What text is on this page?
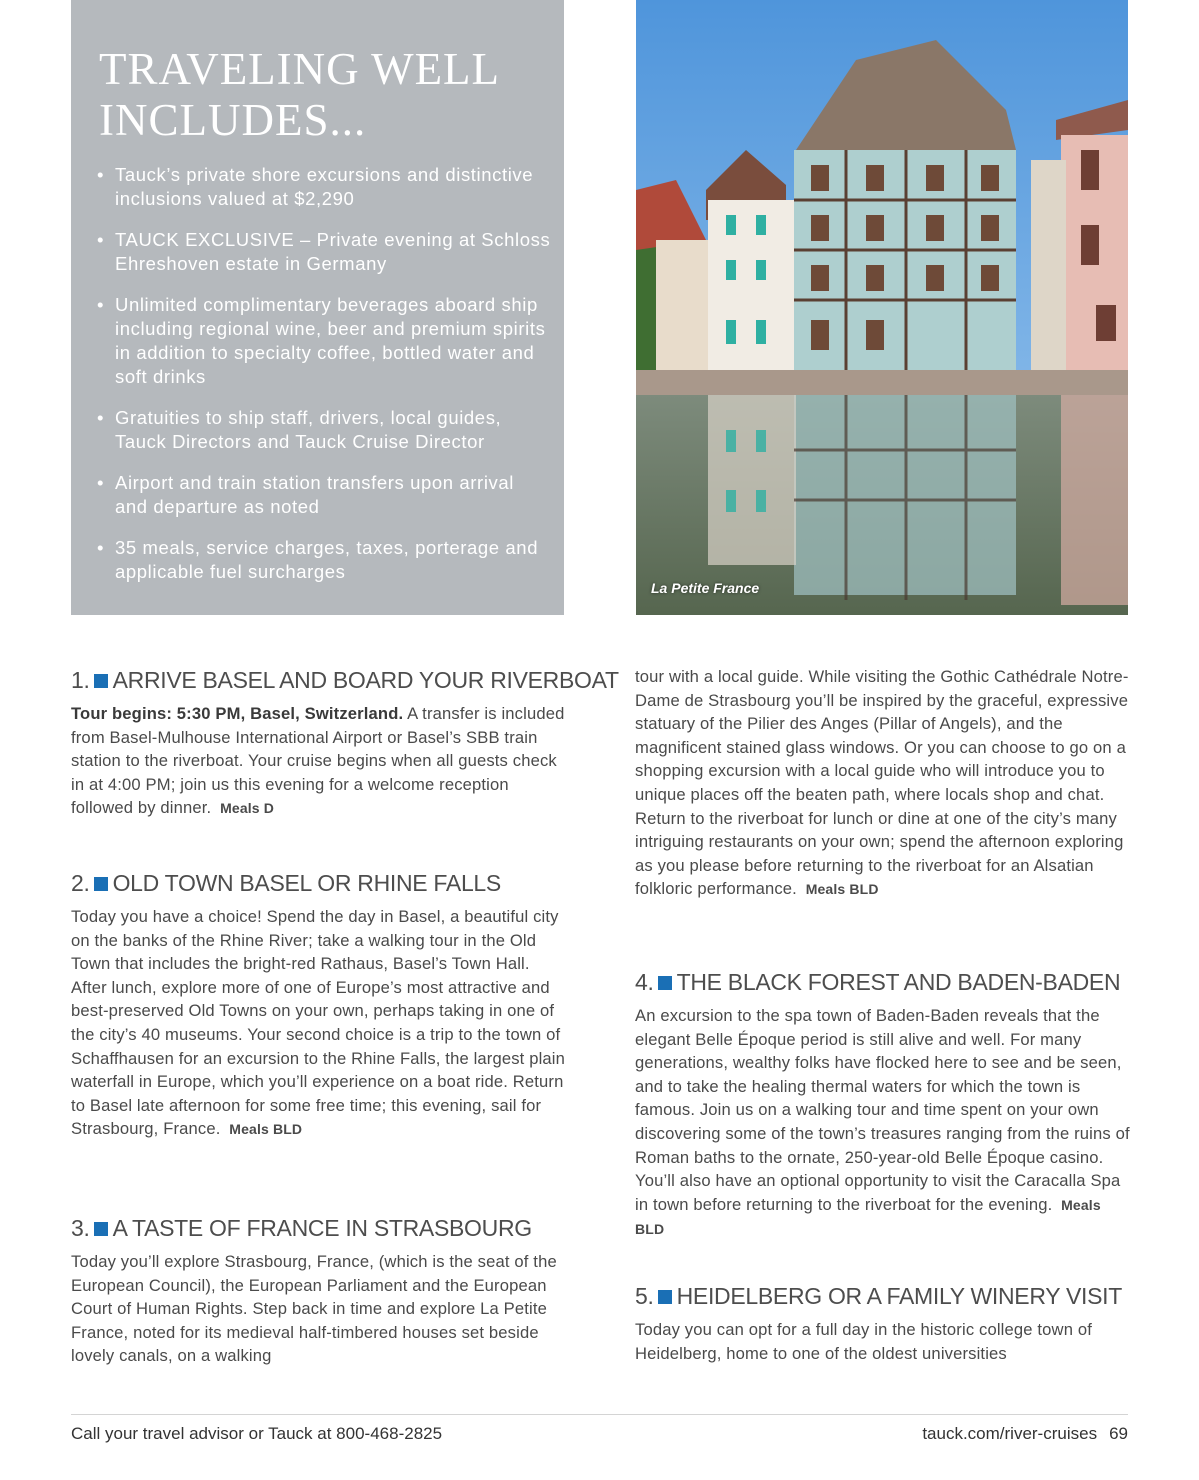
TRAVELING WELL
INCLUDES...
• Tauck’s private shore excursions and distinctive inclusions valued at $2,290
• TAUCK EXCLUSIVE – Private evening at Schloss Ehreshoven estate in Germany
• Unlimited complimentary beverages aboard ship including regional wine, beer and premium spirits in addition to specialty coffee, bottled water and soft drinks
• Gratuities to ship staff, drivers, local guides, Tauck Directors and Tauck Cruise Director
• Airport and train station transfers upon arrival and departure as noted
• 35 meals, service charges, taxes, porterage and applicable fuel surcharges
La Petite France
1. ARRIVE BASEL AND BOARD YOUR RIVERBOAT

Tour begins: 5:30 PM, Basel, Switzerland. A transfer is included from Basel-Mulhouse International Airport or Basel’s SBB train station to the riverboat. Your cruise begins when all guests check in at 4:00 PM; join us this evening for a welcome reception followed by dinner. Meals D

2. OLD TOWN BASEL OR RHINE FALLS

Today you have a choice! Spend the day in Basel, a beautiful city on the banks of the Rhine River; take a walking tour in the Old Town that includes the bright-red Rathaus, Basel’s Town Hall. After lunch, explore more of one of Europe’s most attractive and best-preserved Old Towns on your own, perhaps taking in one of the city’s 40 museums. Your second choice is a trip to the town of Schaffhausen for an excursion to the Rhine Falls, the largest plain waterfall in Europe, which you’ll experience on a boat ride. Return to Basel late afternoon for some free time; this evening, sail for Strasbourg, France. Meals BLD

3. A TASTE OF FRANCE IN STRASBOURG

Today you’ll explore Strasbourg, France, (which is the seat of the European Council), the European Parliament and the European Court of Human Rights. Step back in time and explore La Petite France, noted for its medieval half-timbered houses set beside lovely canals, on a walking

tour with a local guide. While visiting the Gothic Cathédrale Notre-Dame de Strasbourg you’ll be inspired by the graceful, expressive statuary of the Pilier des Anges (Pillar of Angels), and the magnificent stained glass windows. Or you can choose to go on a shopping excursion with a local guide who will introduce you to unique places off the beaten path, where locals shop and chat. Return to the riverboat for lunch or dine at one of the city’s many intriguing restaurants on your own; spend the afternoon exploring as you please before returning to the riverboat for an Alsatian folkloric performance. Meals BLD

4. THE BLACK FOREST AND BADEN-BADEN

An excursion to the spa town of Baden-Baden reveals that the elegant Belle Époque period is still alive and well. For many generations, wealthy folks have flocked here to see and be seen, and to take the healing thermal waters for which the town is famous. Join us on a walking tour and time spent on your own discovering some of the town’s treasures ranging from the ruins of Roman baths to the ornate, 250-year-old Belle Époque casino. You’ll also have an optional opportunity to visit the Caracalla Spa in town before returning to the riverboat for the evening. Meals BLD

5. HEIDELBERG OR A FAMILY WINERY VISIT

Today you can opt for a full day in the historic college town of Heidelberg, home to one of the oldest universities

Call your travel advisor or Tauck at 800-468-2825	tauck.com/river-cruises 69
